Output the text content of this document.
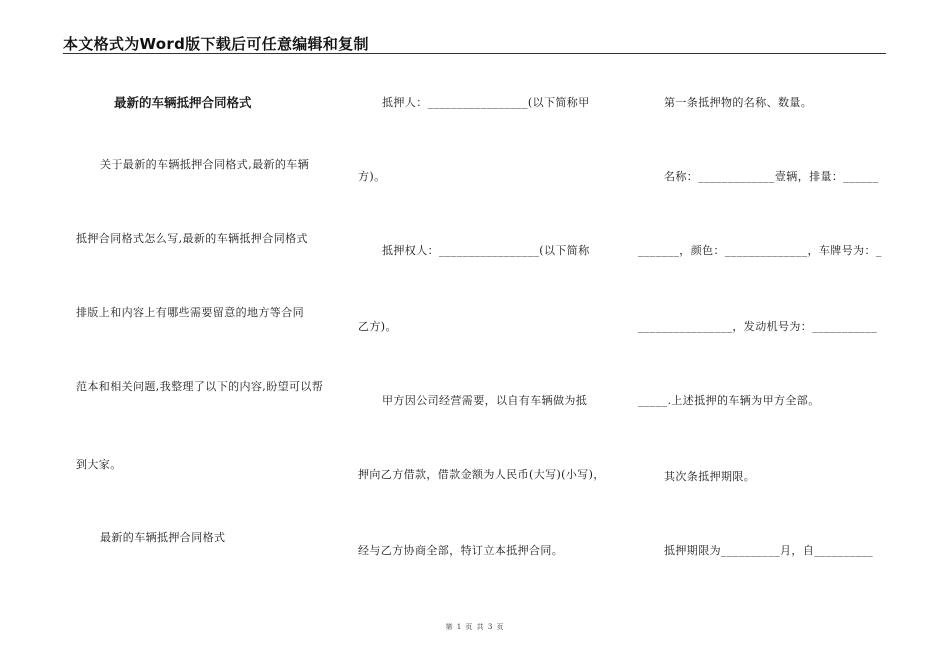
本文格式为Word版下载后可任意编辑和复制
最新的车辆抵押合同格式
关于最新的车辆抵押合同格式,最新的车辆
抵押合同格式怎么写,最新的车辆抵押合同格式
排版上和内容上有哪些需要留意的地方等合同
范本和相关问题,我整理了以下的内容,盼望可以帮
到大家。
最新的车辆抵押合同格式
抵押人：_________________(以下简称甲
方)。
抵押权人：_________________(以下简称
乙方)。
甲方因公司经营需要，以自有车辆做为抵
押向乙方借款，借款金额为人民币(大写)(小写)，
经与乙方协商全部，特订立本抵押合同。
第一条抵押物的名称、数量。
名称：_____________壹辆，排量：______
_______，颜色：______________，车牌号为：_
________________，发动机号为：___________
_____.上述抵押的车辆为甲方全部。
其次条抵押期限。
抵押期限为__________月，自__________
第 1 页 共 3 页
